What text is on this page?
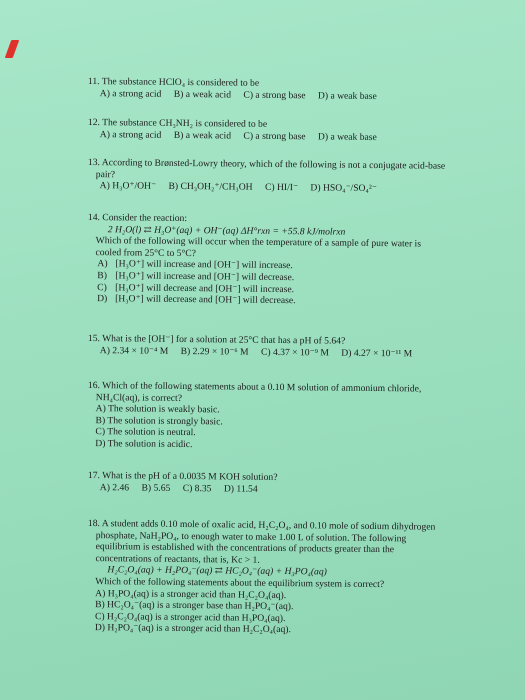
11. The substance HClO₄ is considered to be
A) a strong acid B) a weak acid C) a strong base D) a weak base
12. The substance CH₃NH₂ is considered to be
A) a strong acid B) a weak acid C) a strong base D) a weak base
13. According to Brønsted-Lowry theory, which of the following is not a conjugate acid-base
pair?
A) H₃O⁺/OH⁻ B) CH₃OH₂⁺/CH₃OH C) HI/I⁻ D) HSO₄⁻/SO₄²⁻
14. Consider the reaction:
2 H₂O(l) ⇄ H₃O⁺(aq) + OH⁻(aq) ΔH°rxn = +55.8 kJ/molrxn
Which of the following will occur when the temperature of a sample of pure water is
cooled from 25°C to 5°C?
A) [H₃O⁺] will increase and [OH⁻] will increase.
B) [H₃O⁺] will increase and [OH⁻] will decrease.
C) [H₃O⁺] will decrease and [OH⁻] will increase.
D) [H₃O⁺] will decrease and [OH⁻] will decrease.
15. What is the [OH⁻] for a solution at 25°C that has a pH of 5.64?
A) 2.34 × 10⁻⁴ M B) 2.29 × 10⁻⁶ M C) 4.37 × 10⁻⁹ M D) 4.27 × 10⁻¹¹ M
16. Which of the following statements about a 0.10 M solution of ammonium chloride,
NH₄Cl(aq), is correct?
A) The solution is weakly basic.
B) The solution is strongly basic.
C) The solution is neutral.
D) The solution is acidic.
17. What is the pH of a 0.0035 M KOH solution?
A) 2.46 B) 5.65 C) 8.35 D) 11.54
18. A student adds 0.10 mole of oxalic acid, H₂C₂O₄, and 0.10 mole of sodium dihydrogen
phosphate, NaH₂PO₄, to enough water to make 1.00 L of solution. The following
equilibrium is established with the concentrations of products greater than the
concentrations of reactants, that is, Kc > 1.
H₂C₂O₄(aq) + H₂PO₄⁻(aq) ⇄ HC₂O₄⁻(aq) + H₃PO₄(aq)
Which of the following statements about the equilibrium system is correct?
A) H₃PO₄(aq) is a stronger acid than H₂C₂O₄(aq).
B) HC₂O₄⁻(aq) is a stronger base than H₂PO₄⁻(aq).
C) H₂C₂O₄(aq) is a stronger acid than H₃PO₄(aq).
D) H₂PO₄⁻(aq) is a stronger acid than H₂C₂O₄(aq).
